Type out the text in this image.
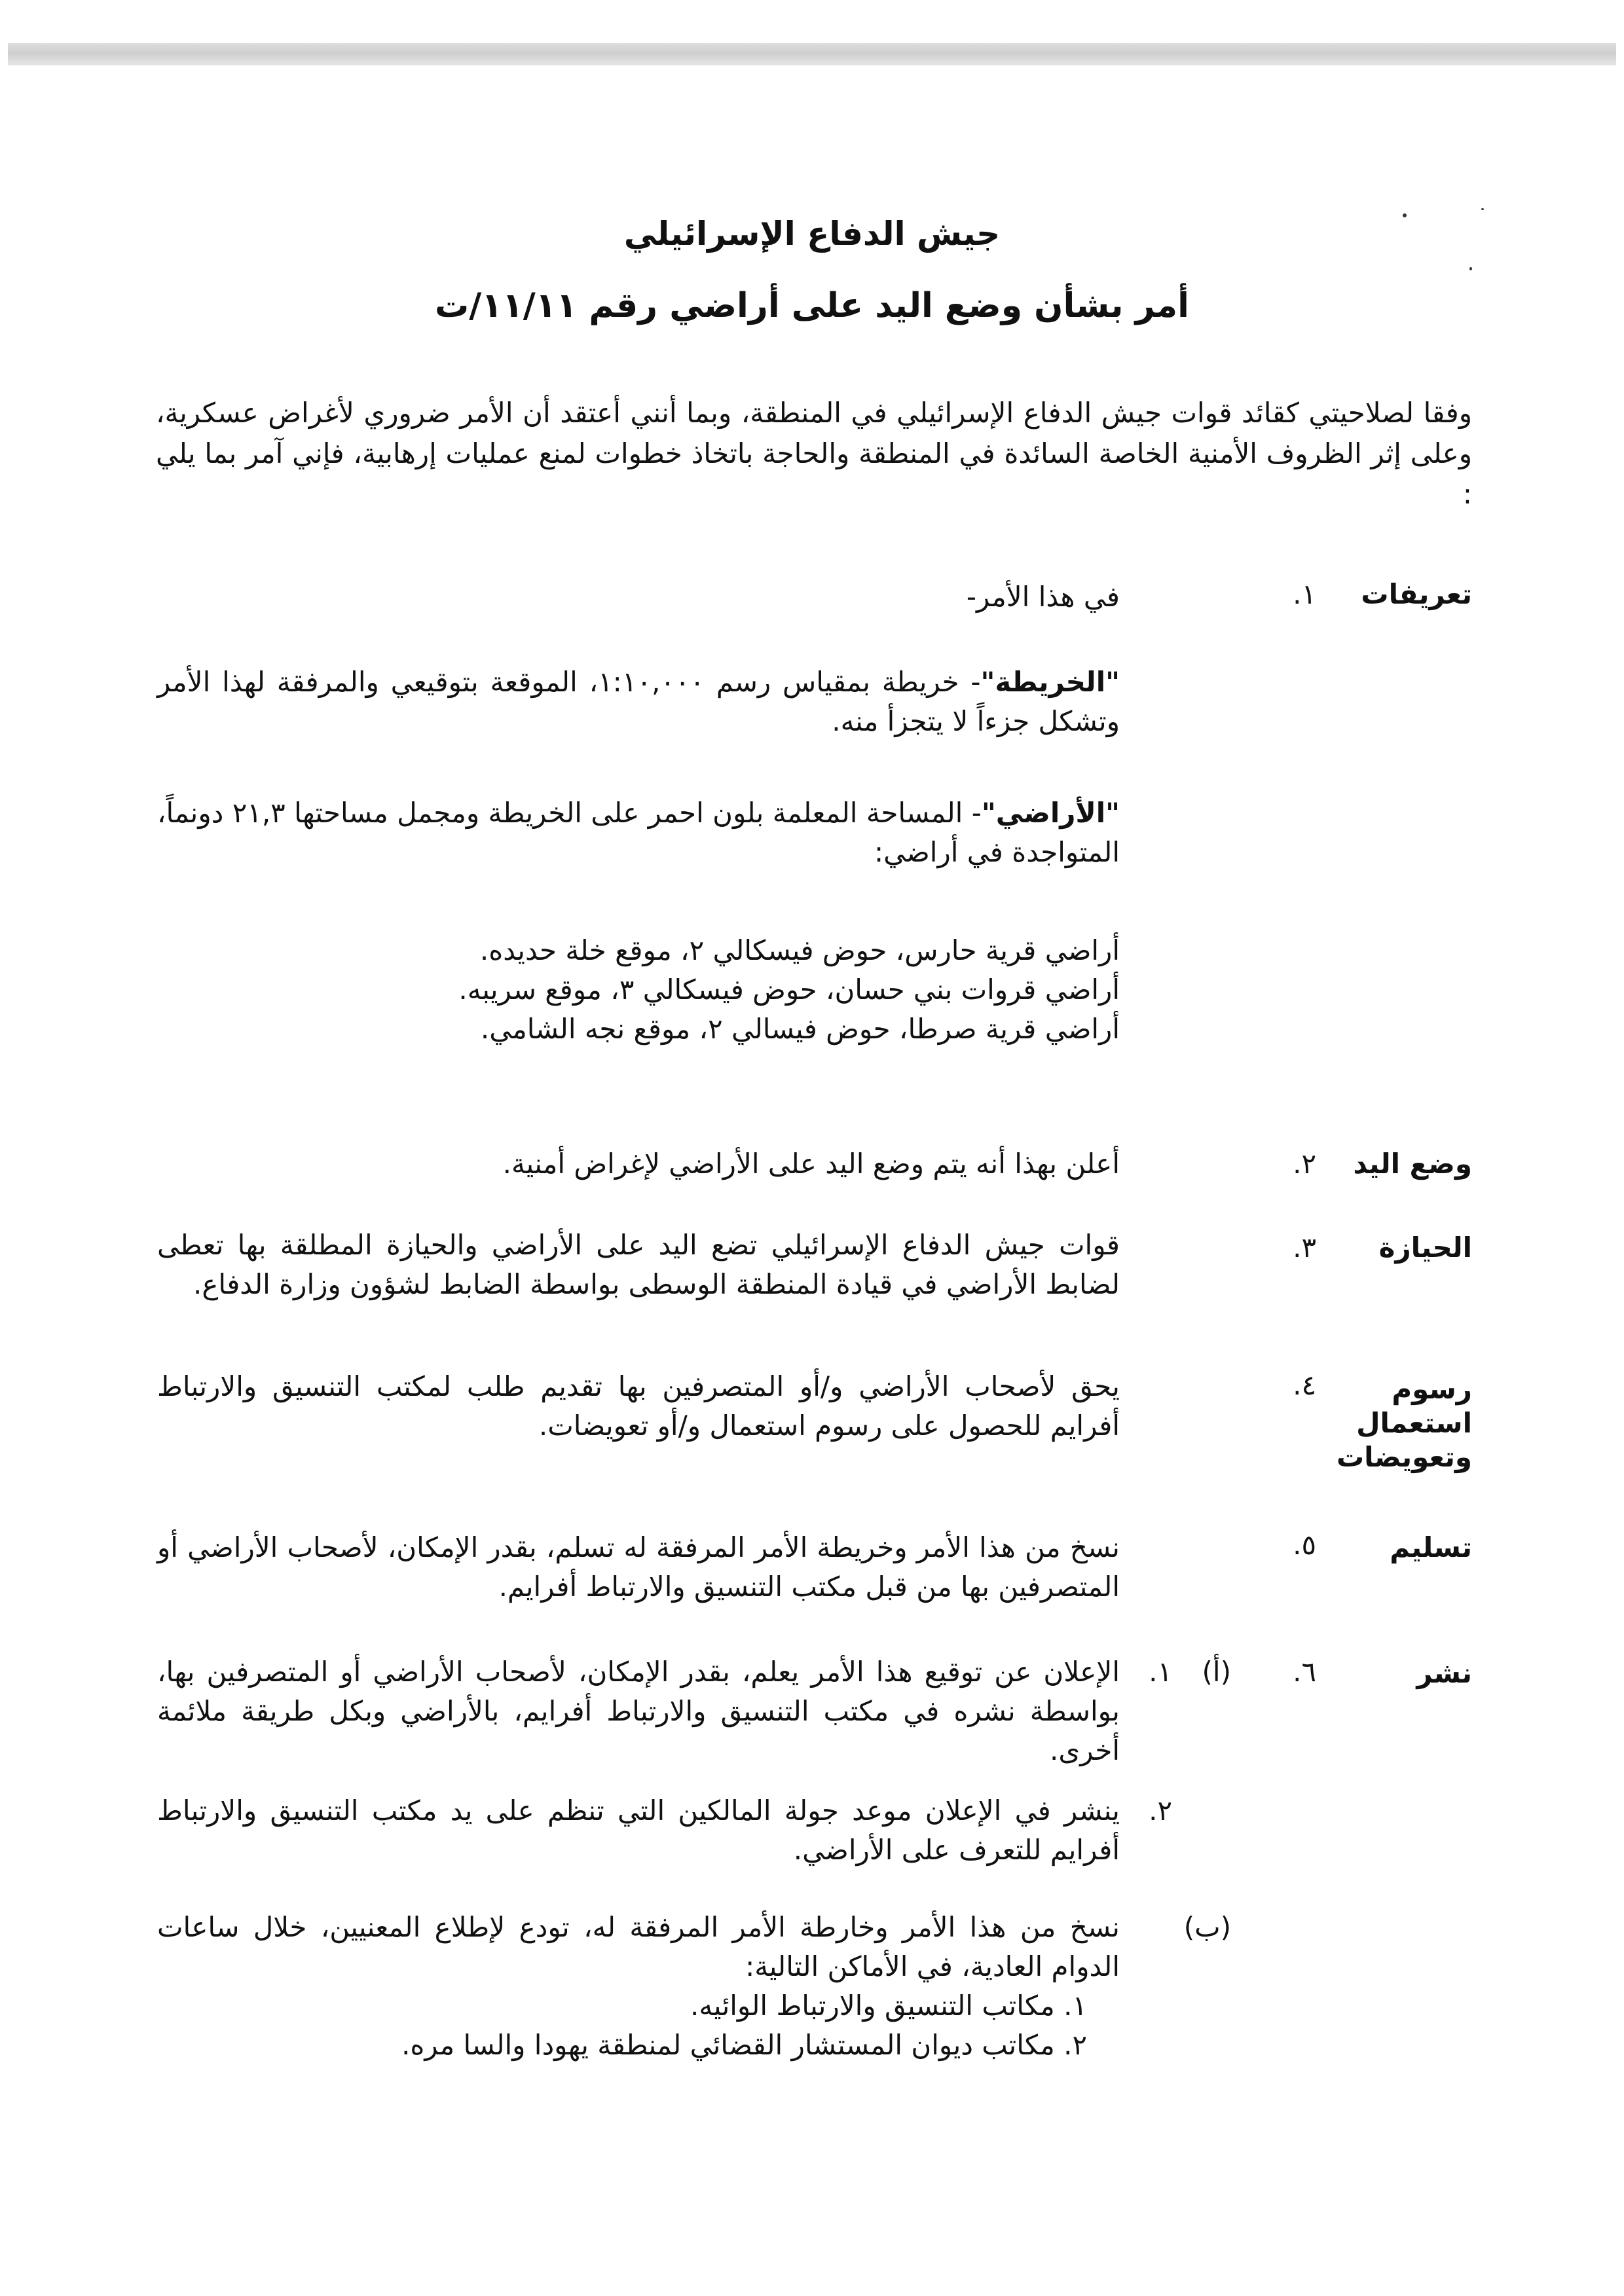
جيش الدفاع الإسرائيلي
أمر بشأن وضع اليد على أراضي رقم ١١/١١/ت
وفقا لصلاحيتي كقائد قوات جيش الدفاع الإسرائيلي في المنطقة، وبما أنني أعتقد أن الأمر ضروري لأغراض عسكرية، وعلى إثر الظروف الأمنية الخاصة السائدة في المنطقة والحاجة باتخاذ خطوات لمنع عمليات إرهابية، فإني آمر بما يلي :
تعريفات
١.
في هذا الأمر-
"الخريطة"- خريطة بمقياس رسم ١:١٠,٠٠٠، الموقعة بتوقيعي والمرفقة لهذا الأمر وتشكل جزءاً لا يتجزأ منه.
"الأراضي"- المساحة المعلمة بلون احمر على الخريطة ومجمل مساحتها ٢١,٣ دونماً، المتواجدة في أراضي:
أراضي قرية حارس، حوض فيسكالي ٢، موقع خلة حديده.
أراضي قروات بني حسان، حوض فيسكالي ٣، موقع سريبه.
أراضي قرية صرطا، حوض فيسالي ٢، موقع نجه الشامي.
وضع اليد
٢.
أعلن بهذا أنه يتم وضع اليد على الأراضي لإغراض أمنية.
الحيازة
٣.
قوات جيش الدفاع الإسرائيلي تضع اليد على الأراضي والحيازة المطلقة بها تعطى لضابط الأراضي في قيادة المنطقة الوسطى بواسطة الضابط لشؤون وزارة الدفاع.
رسوم استعمال وتعويضات
٤.
يحق لأصحاب الأراضي و/أو المتصرفين بها تقديم طلب لمكتب التنسيق والارتباط أفرايم للحصول على رسوم استعمال و/أو تعويضات.
تسليم
٥.
نسخ من هذا الأمر وخريطة الأمر المرفقة له تسلم، بقدر الإمكان، لأصحاب الأراضي أو المتصرفين بها من قبل مكتب التنسيق والارتباط أفرايم.
نشر
٦.
(أ)
١.
الإعلان عن توقيع هذا الأمر يعلم، بقدر الإمكان، لأصحاب الأراضي أو المتصرفين بها، بواسطة نشره في مكتب التنسيق والارتباط أفرايم، بالأراضي وبكل طريقة ملائمة أخرى.
٢.
ينشر في الإعلان موعد جولة المالكين التي تنظم على يد مكتب التنسيق والارتباط أفرايم للتعرف على الأراضي.
(ب)
نسخ من هذا الأمر وخارطة الأمر المرفقة له، تودع لإطلاع المعنيين، خلال ساعات الدوام العادية، في الأماكن التالية:
١. مكاتب التنسيق والارتباط الوائيه.
٢. مكاتب ديوان المستشار القضائي لمنطقة يهودا والسا مره.
